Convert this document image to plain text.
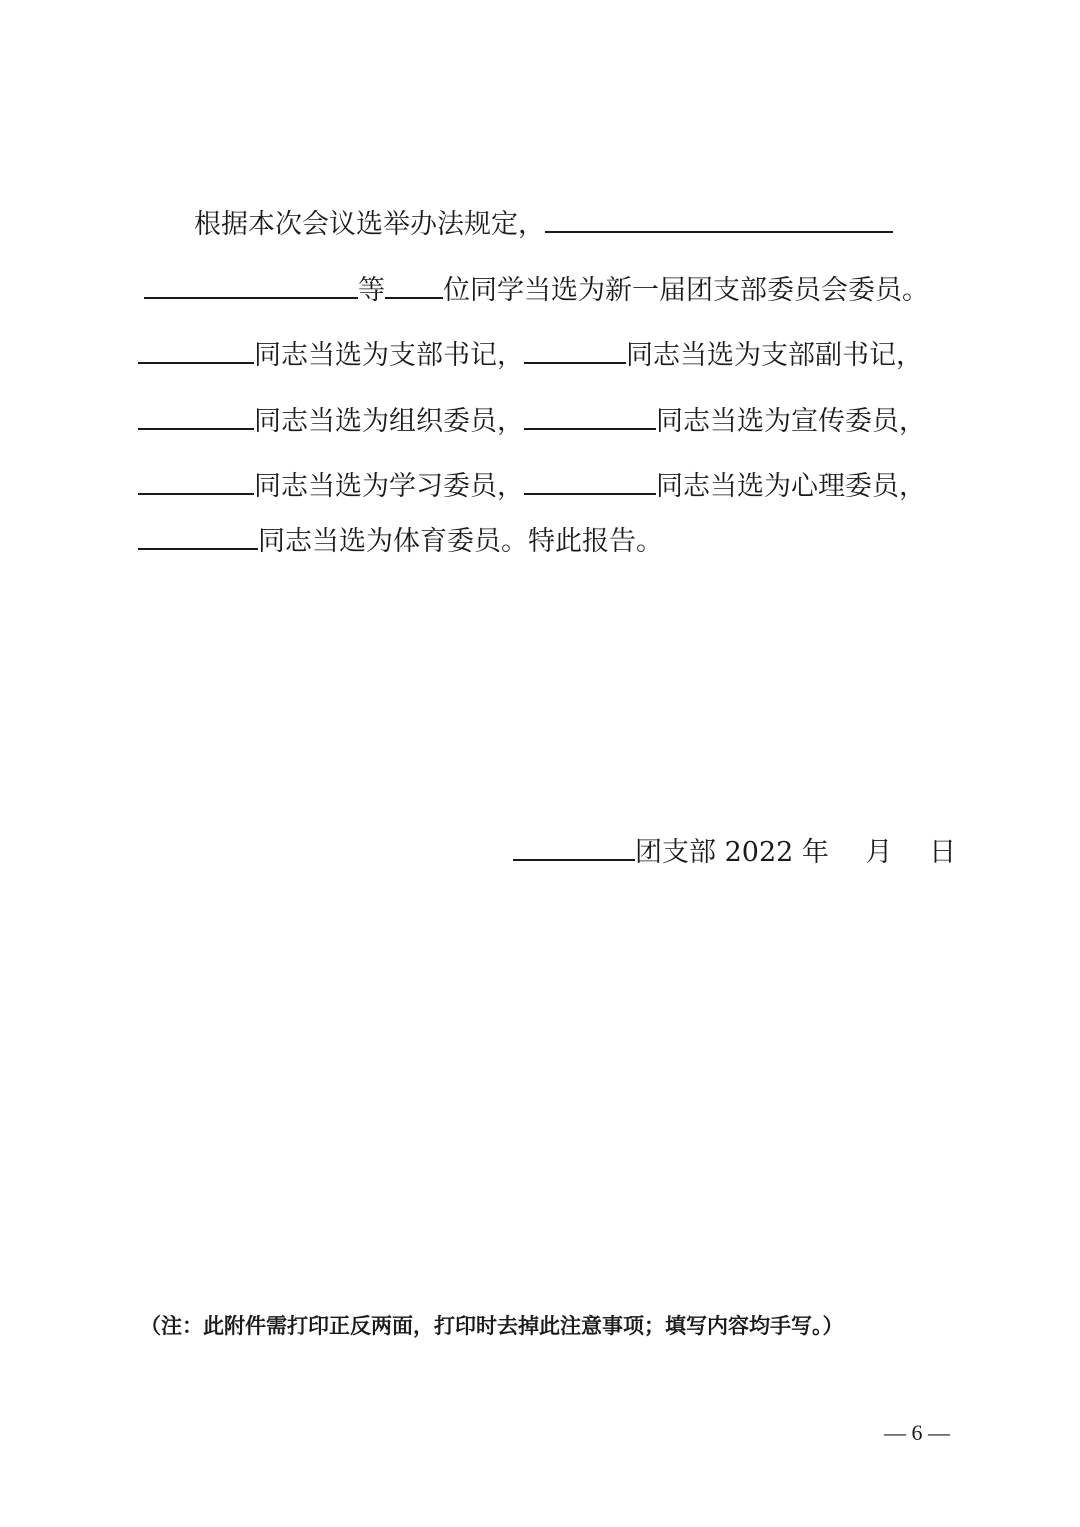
根据本次会议选举办法规定，
等 位同学当选为新一届团支部委员会委员。
同志当选为支部书记，	同志当选为支部副书记，
同志当选为组织委员，	同志当选为宣传委员，
同志当选为学习委员，	同志当选为心理委员，
同志当选为体育委员。特此报告。
团支部 2022 年 月 日
（注：此附件需打印正反两面，打印时去掉此注意事项；填写内容均手写。）
— 6 —
